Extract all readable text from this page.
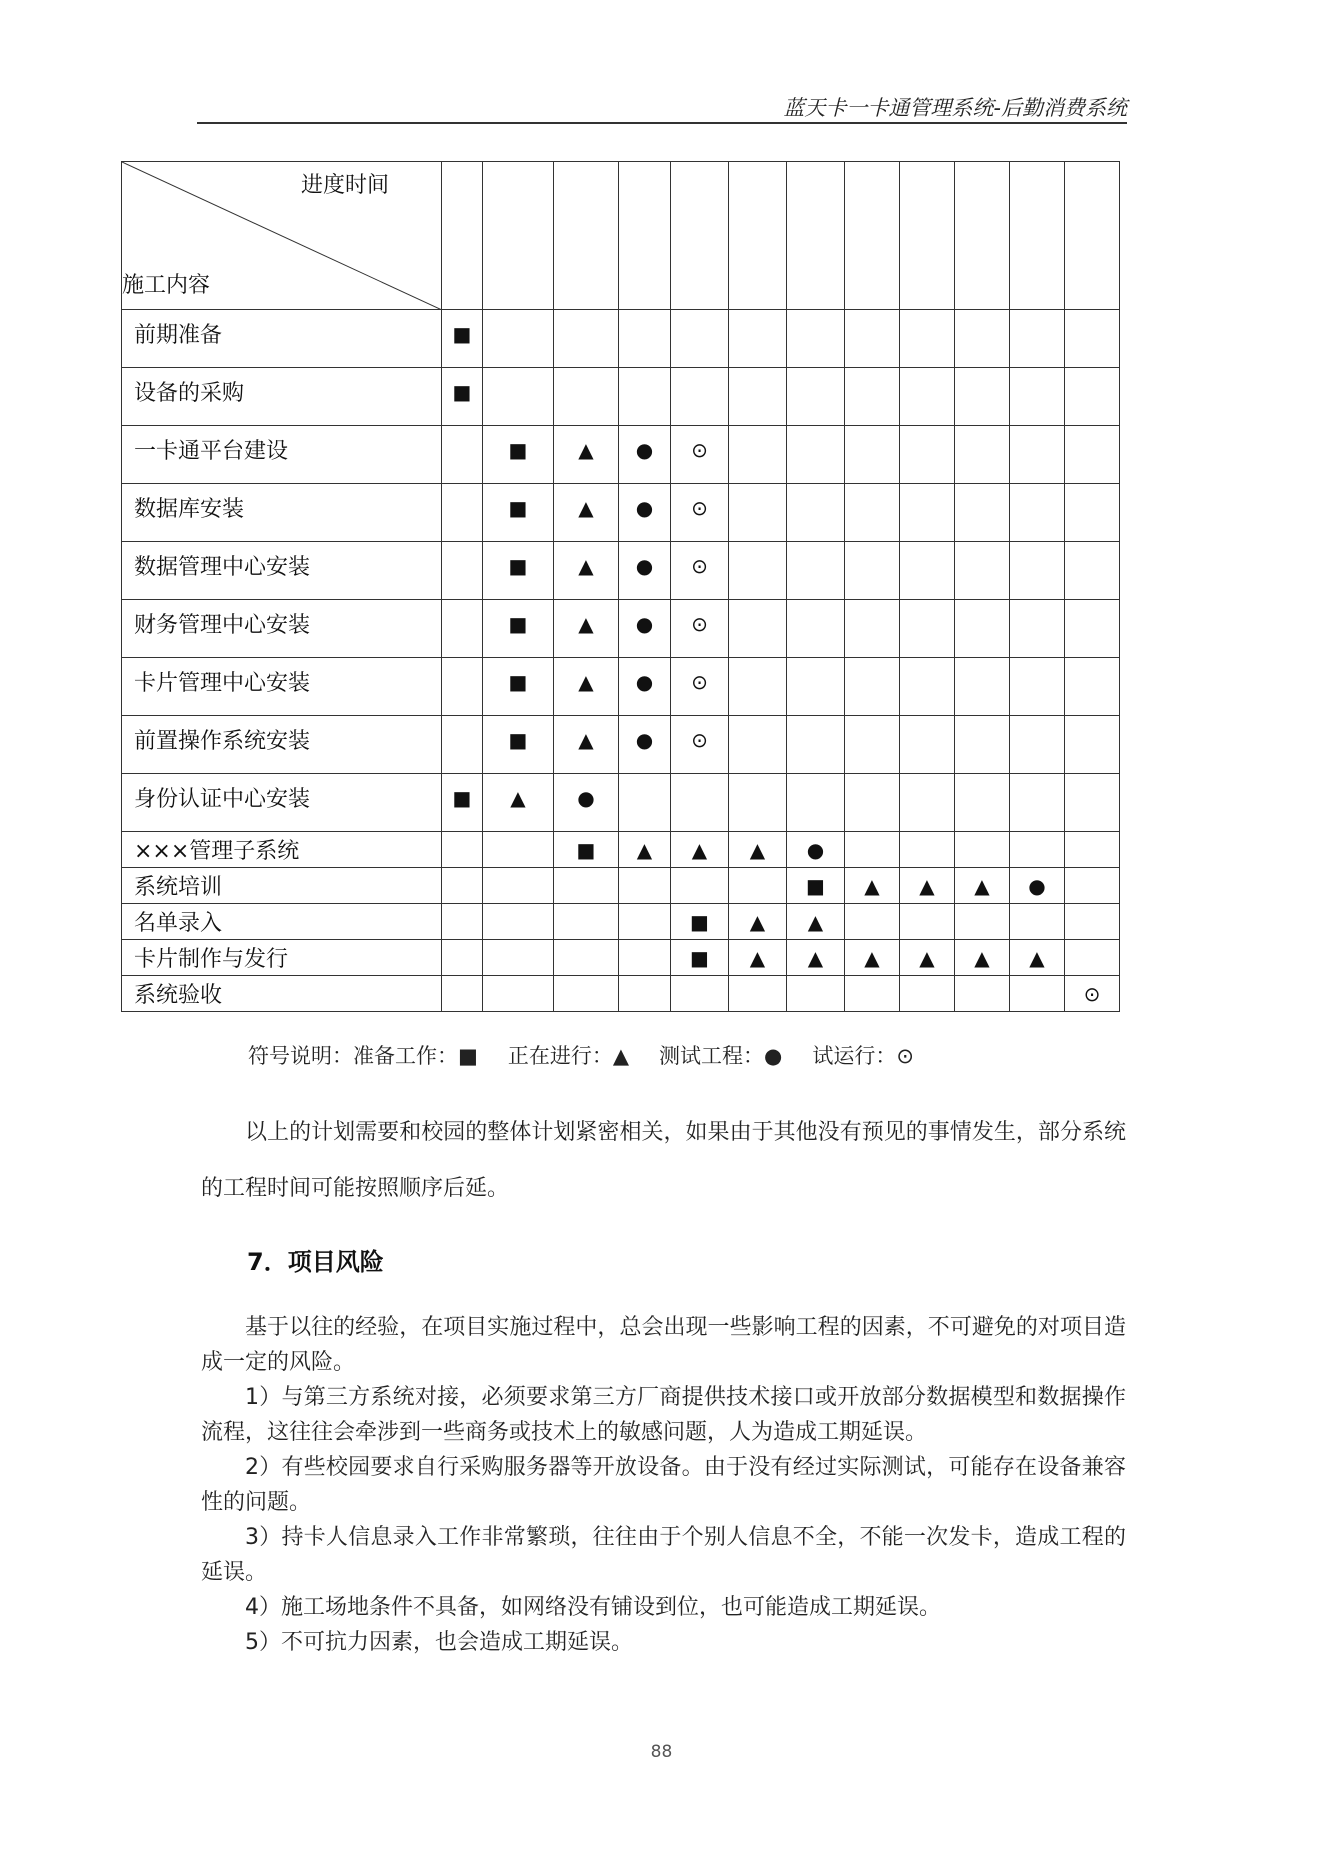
蓝天卡一卡通管理系统-后勤消费系统
进度时间
施工内容												

前期准备	■											
设备的采购	■											
一卡通平台建设		■	▲	●	⊙							
数据库安装		■	▲	●	⊙							
数据管理中心安装		■	▲	●	⊙							
财务管理中心安装		■	▲	●	⊙							
卡片管理中心安装		■	▲	●	⊙							
前置操作系统安装		■	▲	●	⊙							
身份认证中心安装	■	▲	●									
×××管理子系统			■	▲	▲	▲	●					
系统培训							■	▲	▲	▲	●	
名单录入					■	▲	▲					
卡片制作与发行					■	▲	▲	▲	▲	▲	▲	
系统验收												⊙
符号说明：准备工作：■ 正在进行：▲ 测试工程：● 试运行：⊙
以上的计划需要和校园的整体计划紧密相关，如果由于其他没有预见的事情发生，部分系统的工程时间可能按照顺序后延。
7．项目风险
基于以往的经验，在项目实施过程中，总会出现一些影响工程的因素，不可避免的对项目造成一定的风险。
1）与第三方系统对接，必须要求第三方厂商提供技术接口或开放部分数据模型和数据操作流程，这往往会牵涉到一些商务或技术上的敏感问题，人为造成工期延误。
2）有些校园要求自行采购服务器等开放设备。由于没有经过实际测试，可能存在设备兼容性的问题。
3）持卡人信息录入工作非常繁琐，往往由于个别人信息不全，不能一次发卡，造成工程的延误。
4）施工场地条件不具备，如网络没有铺设到位，也可能造成工期延误。
5）不可抗力因素，也会造成工期延误。
88
